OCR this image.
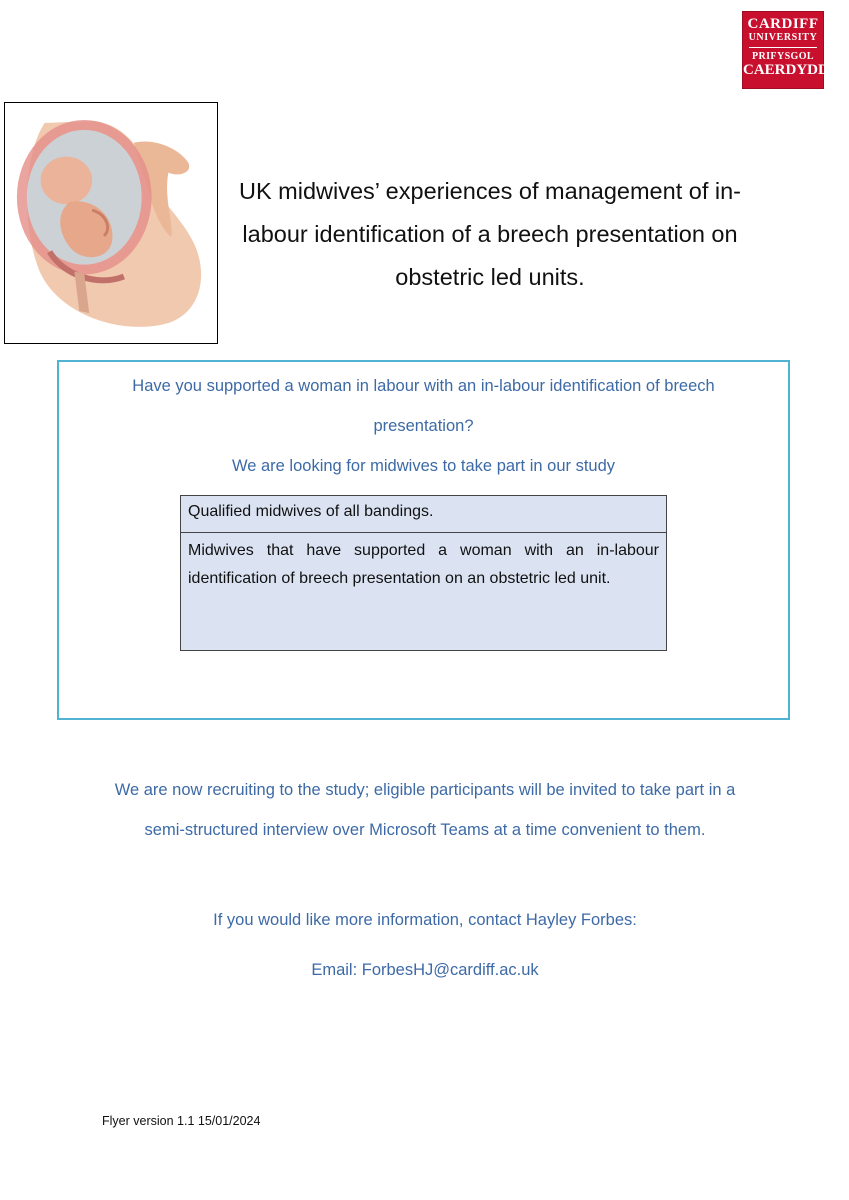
CARDIFF
UNIVERSITY
PRIFYSGOL
CAERDYDD
UK midwives’ experiences of management of in-labour identification of a breech presentation on obstetric led units.
Have you supported a woman in labour with an in-labour identification of breech presentation?
We are looking for midwives to take part in our study
Qualified midwives of all bandings.
Midwives that have supported a woman with an in-labour identification of breech presentation on an obstetric led unit.
We are now recruiting to the study; eligible participants will be invited to take part in a semi-structured interview over Microsoft Teams at a time convenient to them.
If you would like more information, contact Hayley Forbes:
Email: ForbesHJ@cardiff.ac.uk
Flyer version 1.1 15/01/2024
